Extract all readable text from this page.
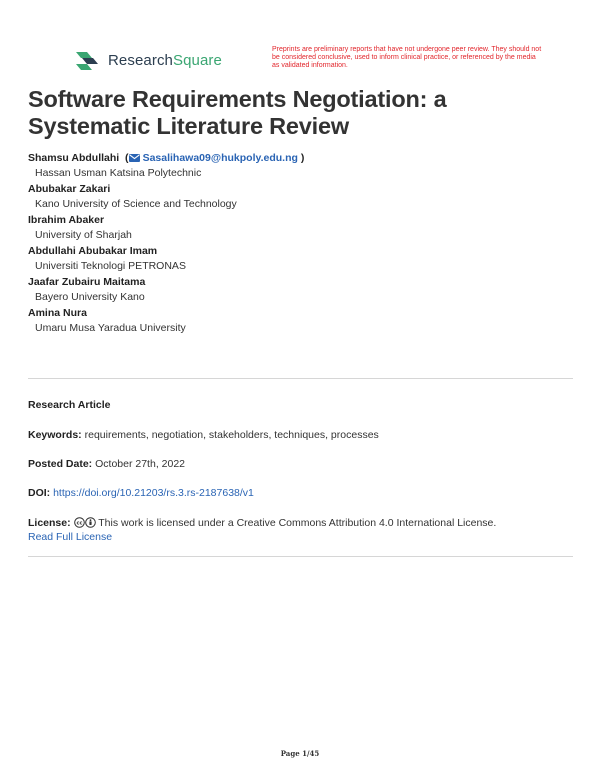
ResearchSquare
Preprints are preliminary reports that have not undergone peer review. They should not be considered conclusive, used to inform clinical practice, or referenced by the media as validated information.
Software Requirements Negotiation: a Systematic Literature Review
Shamsu Abdullahi  ( Sasalihawa09@hukpoly.edu.ng )
Hassan Usman Katsina Polytechnic
Abubakar Zakari
Kano University of Science and Technology
Ibrahim Abaker
University of Sharjah
Abdullahi Abubakar Imam
Universiti Teknologi PETRONAS
Jaafar Zubairu Maitama
Bayero University Kano
Amina Nura
Umaru Musa Yaradua University
Research Article
Keywords: requirements, negotiation, stakeholders, techniques, processes
Posted Date: October 27th, 2022
DOI: https://doi.org/10.21203/rs.3.rs-2187638/v1
License: cc This work is licensed under a Creative Commons Attribution 4.0 International License.
Read Full License
Page 1/45
